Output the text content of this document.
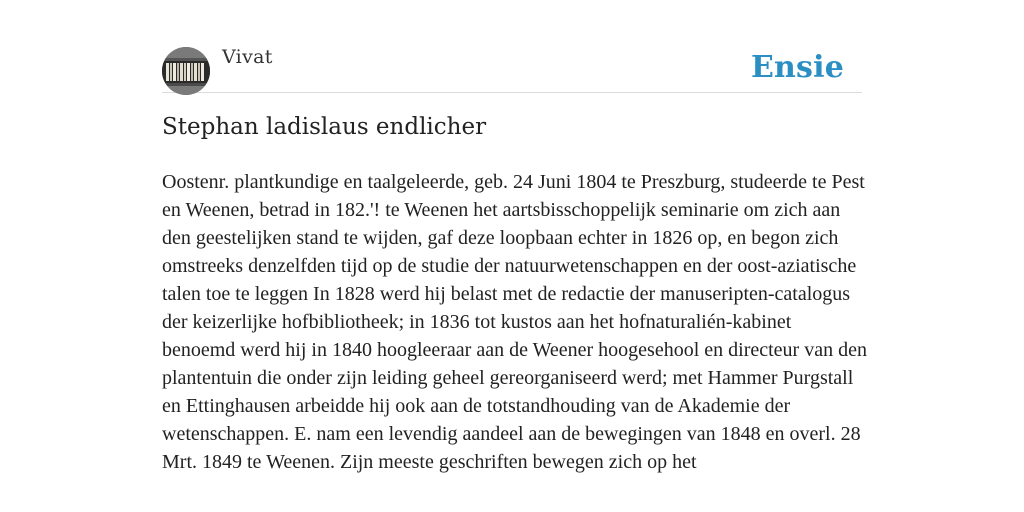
Vivat	Ensie
Stephan ladislaus endlicher

Oostenr. plantkundige en taalgeleerde, geb. 24 Juni 1804 te Preszburg, studeerde te Pest en Weenen, betrad in 182.'! te Weenen het aartsbisschoppelijk seminarie om zich aan den geestelijken stand te wijden, gaf deze loopbaan echter in 1826 op, en begon zich omstreeks denzelfden tijd op de studie der natuurwetenschappen en der oost-aziatische talen toe te leggen In 1828 werd hij belast met de redactie der manuseripten-catalogus der keizerlijke hofbibliotheek; in 1836 tot kustos aan het hofnaturalién-kabinet benoemd werd hij in 1840 hoogleeraar aan de Weener hoogesehool en directeur van den plantentuin die onder zijn leiding geheel gereorganiseerd werd; met Hammer Purgstall en Ettinghausen arbeidde hij ook aan de totstandhouding van de Akademie der wetenschappen. E. nam een levendig aandeel aan de bewegingen van 1848 en overl. 28 Mrt. 1849 te Weenen. Zijn meeste geschriften bewegen zich op het
